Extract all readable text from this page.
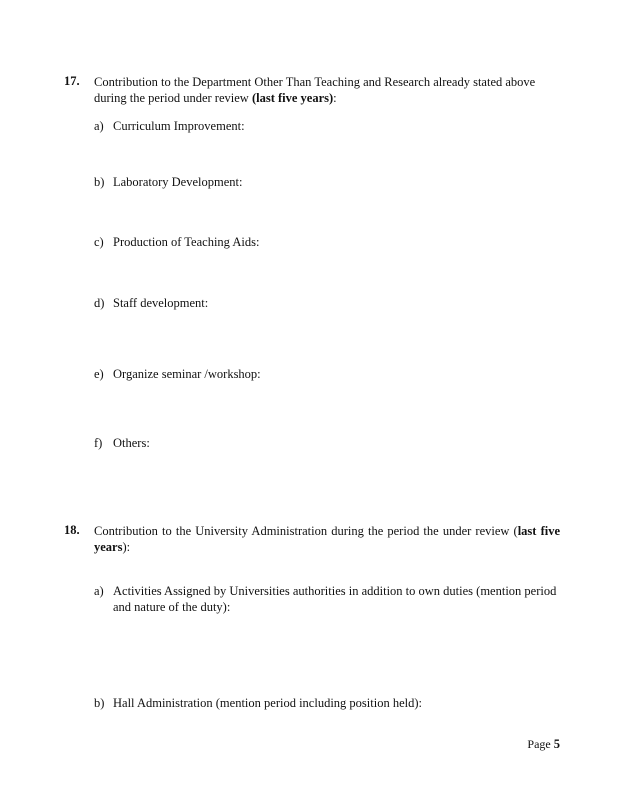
17. Contribution to the Department Other Than Teaching and Research already stated above during the period under review (last five years):
a) Curriculum Improvement:
b) Laboratory Development:
c) Production of Teaching Aids:
d) Staff development:
e) Organize seminar /workshop:
f) Others:
18. Contribution to the University Administration during the period the under review (last five years):
a) Activities Assigned by Universities authorities in addition to own duties (mention period and nature of the duty):
b) Hall Administration (mention period including position held):
Page 5
